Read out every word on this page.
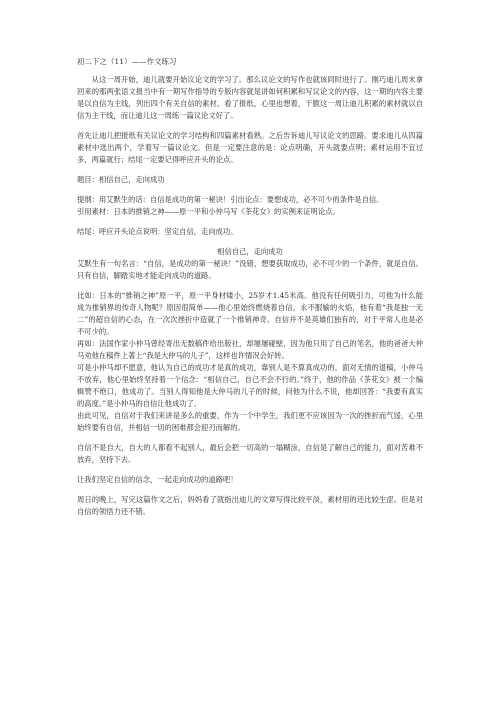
初二下之（11）——作文练习

从这一周开始，迪儿就要开始议论文的学习了。那么议论文的写作也就该同时进行了。刚巧迪儿周末拿回来的那两张语文报当中有一期写作指导的专版内容就是讲如何积累和写议论文的内容，这一期的内容主要是以自信为主线，列出四个有关自信的素材。看了报纸，心里也想着，干脆这一周让迪儿积累的素材就以自信为主干线，而让迪儿这一周练一篇议论文好了。

首先让迪儿把报纸有关议论文的学习结构和四篇素材看熟。之后告诉迪儿写议论文的思路。要求迪儿从四篇素材中选出两个，学着写一篇议论文。但是一定要注意的是：论点明确，开头就要点明；素材运用不宜过多，两篇就行；结尾一定要记得呼应开头的论点。

题目：相信自己，走向成功

提纲：用艾默生的话：自信是成功的第一秘诀！引出论点：要想成功，必不可少的条件是自信。

引用素材：日本的推销之神——原一平和小仲马写《茶花女》的实例来证明论点。

结尾：呼应开头论点说明：坚定自信，走向成功。

相信自己，走向成功

艾默生有一句名言：“自信，是成功的第一秘诀！”没错，想要获取成功，必不可少的一个条件，就是自信。只有自信，脚踏实地才能走向成功的道路。

比如：日本的“推销之神”原一平，原一平身材矮小，25岁才1.45米高。他没有任何吸引力，可他为什么能成为推销界的传奇人物呢？原因很简单——他心里始终燃烧着自信，永不服输的火焰，他有着“我是独一无二”的超自信的心态，在一次次挫折中造就了一个推销神奇。自信并不是英雄们独有的，对于平常人也是必不可少的。

再如：法国作家小仲马曾经寄出无数稿件给出版社，却屡屡碰壁，因为他只用了自己的笔名，他的爸爸大仲马劝他在稿件上著上“我是大仲马的儿子”，这样也许情况会好转。

可是小仲马却不愿意，他认为自己的成功才是真的成功，靠别人是不算真成功的，面对无情的退稿，小仲马不放弃，他心里始终坚持着一个信念：“相信自己，自己不会不行的。”终于，他的作品《茶花女》被一个编辑赞不绝口，他成功了。当别人得知他是大仲马的儿子的时候，问他为什么不说，他却回答：“我要有真实的高度。”是小仲马的自信让他成功了。

由此可见，自信对于我们来讲是多么的重要，作为一个中学生，我们更不应该因为一次的挫折而气馁，心里始终要有自信，并相信一切的困难都会迎刃而解的。

自信不是自大，自大的人都看不起别人，最后会把一切高的一塌糊涂，自信是了解自己的能力，面对苦难不放弃，坚持下去。

让我们坚定自信的信念，一起走向成功的道路吧！

周日的晚上，写完这篇作文之后，妈妈看了就指出迪儿的文章写得比较平淡，素材用的还比较生涩。但是对自信的领悟力还不错。
